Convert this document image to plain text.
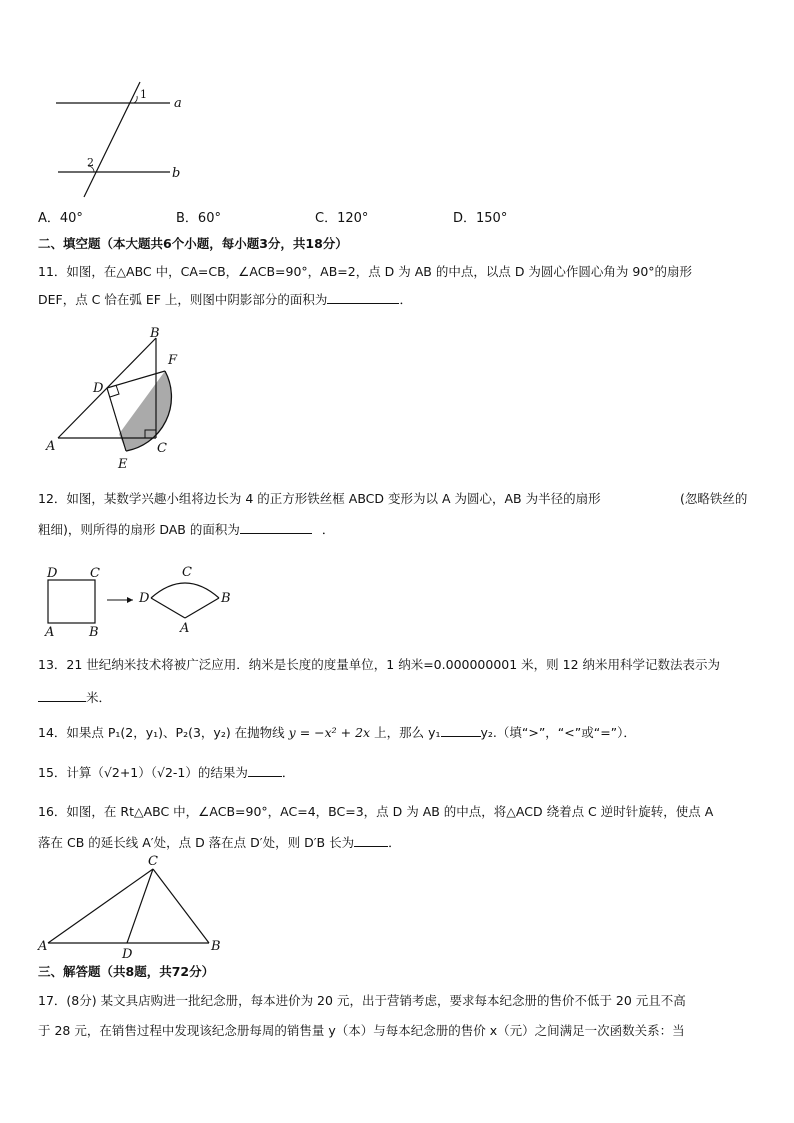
1
2
a
b
A．40°	B．60°	C．120°	D．150°
二、填空题（本大题共6个小题，每小题3分，共18分）
11．如图，在△ABC 中，CA=CB，∠ACB=90°，AB=2，点 D 为 AB 的中点，以点 D 为圆心作圆心角为 90°的扇形
DEF，点 C 恰在弧 EF 上，则图中阴影部分的面积为	．
A
B
C
D
E
F
12．如图，某数学兴趣小组将边长为 4 的正方形铁丝框 ABCD 变形为以 A 为圆心，AB 为半径的扇形	(忽略铁丝的
粗细)，则所得的扇形 DAB 的面积为	．
D	C
A	B
C
D	B
A
13．21 世纪纳米技术将被广泛应用．纳米是长度的度量单位，1 纳米=0.000000001 米，则 12 纳米用科学记数法表示为
米．
14．如果点 P₁(2，y₁)、P₂(3，y₂) 在抛物线 y = −x² + 2x 上，那么 y₁	y₂.（填“>”，“<”或“=”）．
15．计算（√2+1）（√2-1）的结果为	．
16．如图，在 Rt△ABC 中，∠ACB=90°，AC=4，BC=3，点 D 为 AB 的中点，将△ACD 绕着点 C 逆时针旋转，使点 A
落在 CB 的延长线 A′处，点 D 落在点 D′处，则 D′B 长为	．
C
A	B
D
三、解答题（共8题，共72分）
17．(8分) 某文具店购进一批纪念册，每本进价为 20 元，出于营销考虑，要求每本纪念册的售价不低于 20 元且不高
于 28 元，在销售过程中发现该纪念册每周的销售量 y（本）与每本纪念册的售价 x（元）之间满足一次函数关系：当
